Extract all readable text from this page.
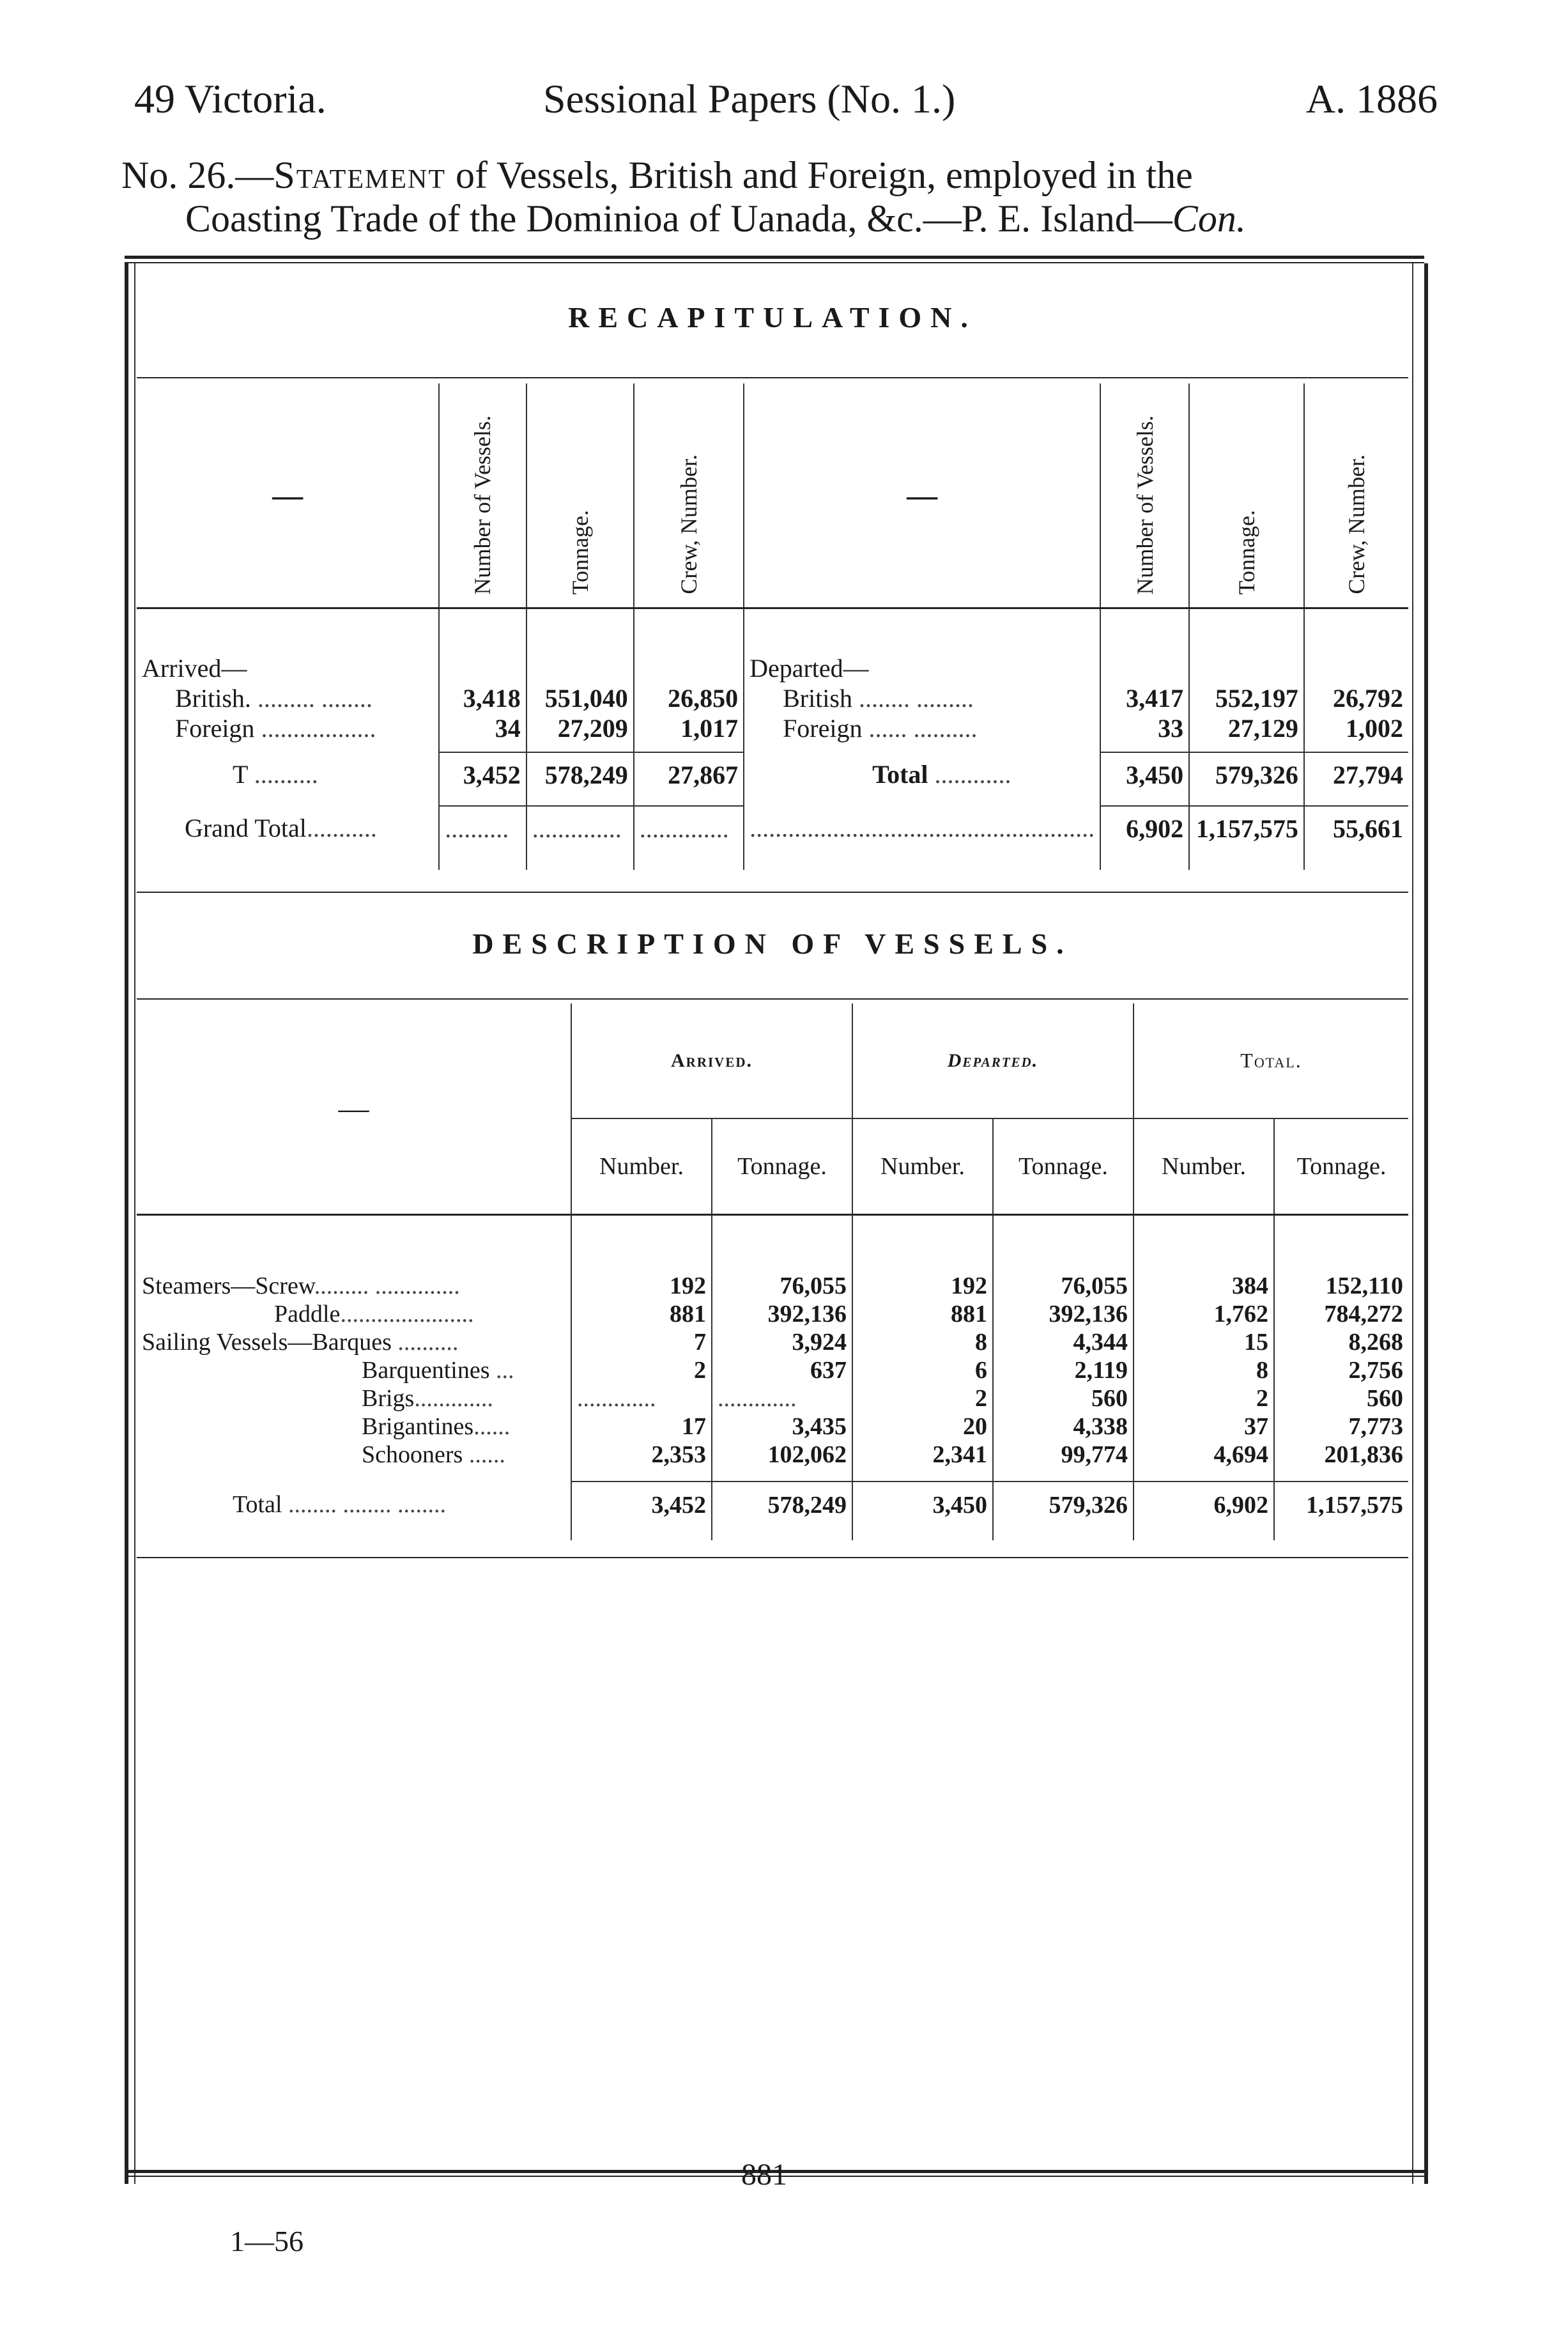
49 Victoria.	Sessional Papers (No. 1.)	A. 1886
No. 26.—Statement of Vessels, British and Foreign, employed in the
Coasting Trade of the Dominioa of Uanada, &c.—P. E. Island—Con.
RECAPITULATION.
—	Number of Vessels.	Tonnage.	Crew, Number.	—	Number of Vessels.	Tonnage.	Crew, Number.

Arrived—				Departed—			
British. ......... ........	3,418	551,040	26,850	British ........ .........	3,417	552,197	26,792
Foreign ..................	34	27,209	1,017	Foreign ...... ..........	33	27,129	1,002

T ..........	3,452	578,249	27,867	Total ............	3,450	579,326	27,794

Grand Total...........	..........	..............	..............	......................................................	6,902	1,157,575	55,661

DESCRIPTION OF VESSELS.
—	Arrived.		Departed.		Total.	
	Number.	Tonnage.	Number.	Tonnage.	Number.	Tonnage.

Steamers—Screw......... ..............	192	76,055	192	76,055	384	152,110
Paddle......................	881	392,136	881	392,136	1,762	784,272
Sailing Vessels—Barques ..........	7	3,924	8	4,344	15	8,268
Barquentines ...	2	637	6	2,119	8	2,756
Brigs.............	.............	.............	2	560	2	560
Brigantines......	17	3,435	20	4,338	37	7,773
Schooners ......	2,353	102,062	2,341	99,774	4,694	201,836

Total ........ ........ ........	3,452	578,249	3,450	579,326	6,902	1,157,575

881
1—56
